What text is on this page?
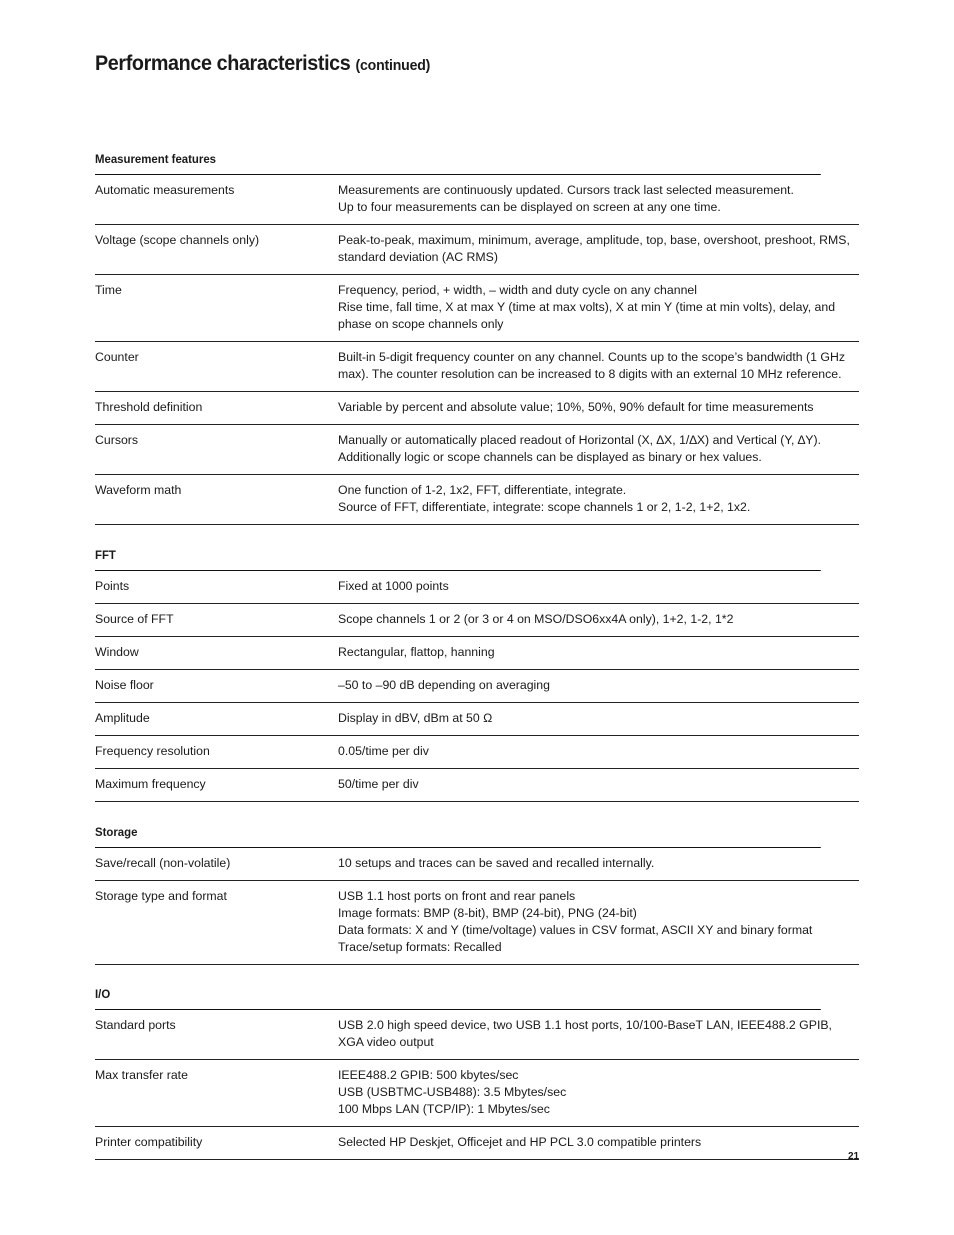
Performance characteristics (continued)
Measurement features
Automatic measurements	Measurements are continuously updated. Cursors track last selected measurement.
Up to four measurements can be displayed on screen at any one time.
Voltage (scope channels only)	Peak-to-peak, maximum, minimum, average, amplitude, top, base, overshoot, preshoot, RMS,
standard deviation (AC RMS)
Time	Frequency, period, + width, – width and duty cycle on any channel
Rise time, fall time, X at max Y (time at max volts), X at min Y (time at min volts), delay, and
phase on scope channels only
Counter	Built-in 5-digit frequency counter on any channel. Counts up to the scope’s bandwidth (1 GHz
max). The counter resolution can be increased to 8 digits with an external 10 MHz reference.
Threshold definition	Variable by percent and absolute value; 10%, 50%, 90% default for time measurements
Cursors	Manually or automatically placed readout of Horizontal (X, ∆X, 1/∆X) and Vertical (Y, ∆Y).
Additionally logic or scope channels can be displayed as binary or hex values.
Waveform math	One function of 1-2, 1x2, FFT, differentiate, integrate.
Source of FFT, differentiate, integrate: scope channels 1 or 2, 1-2, 1+2, 1x2.
FFT
Points	Fixed at 1000 points
Source of FFT	Scope channels 1 or 2 (or 3 or 4 on MSO/DSO6xx4A only), 1+2, 1-2, 1*2
Window	Rectangular, flattop, hanning
Noise floor	–50 to –90 dB depending on averaging
Amplitude	Display in dBV, dBm at 50 Ω
Frequency resolution	0.05/time per div
Maximum frequency	50/time per div
Storage
Save/recall (non-volatile)	10 setups and traces can be saved and recalled internally.
Storage type and format	USB 1.1 host ports on front and rear panels
Image formats: BMP (8-bit), BMP (24-bit), PNG (24-bit)
Data formats: X and Y (time/voltage) values in CSV format, ASCII XY and binary format
Trace/setup formats: Recalled
I/O
Standard ports	USB 2.0 high speed device, two USB 1.1 host ports, 10/100-BaseT LAN, IEEE488.2 GPIB,
XGA video output
Max transfer rate	IEEE488.2 GPIB: 500 kbytes/sec
USB (USBTMC-USB488): 3.5 Mbytes/sec
100 Mbps LAN (TCP/IP): 1 Mbytes/sec
Printer compatibility	Selected HP Deskjet, Officejet and HP PCL 3.0 compatible printers
21
